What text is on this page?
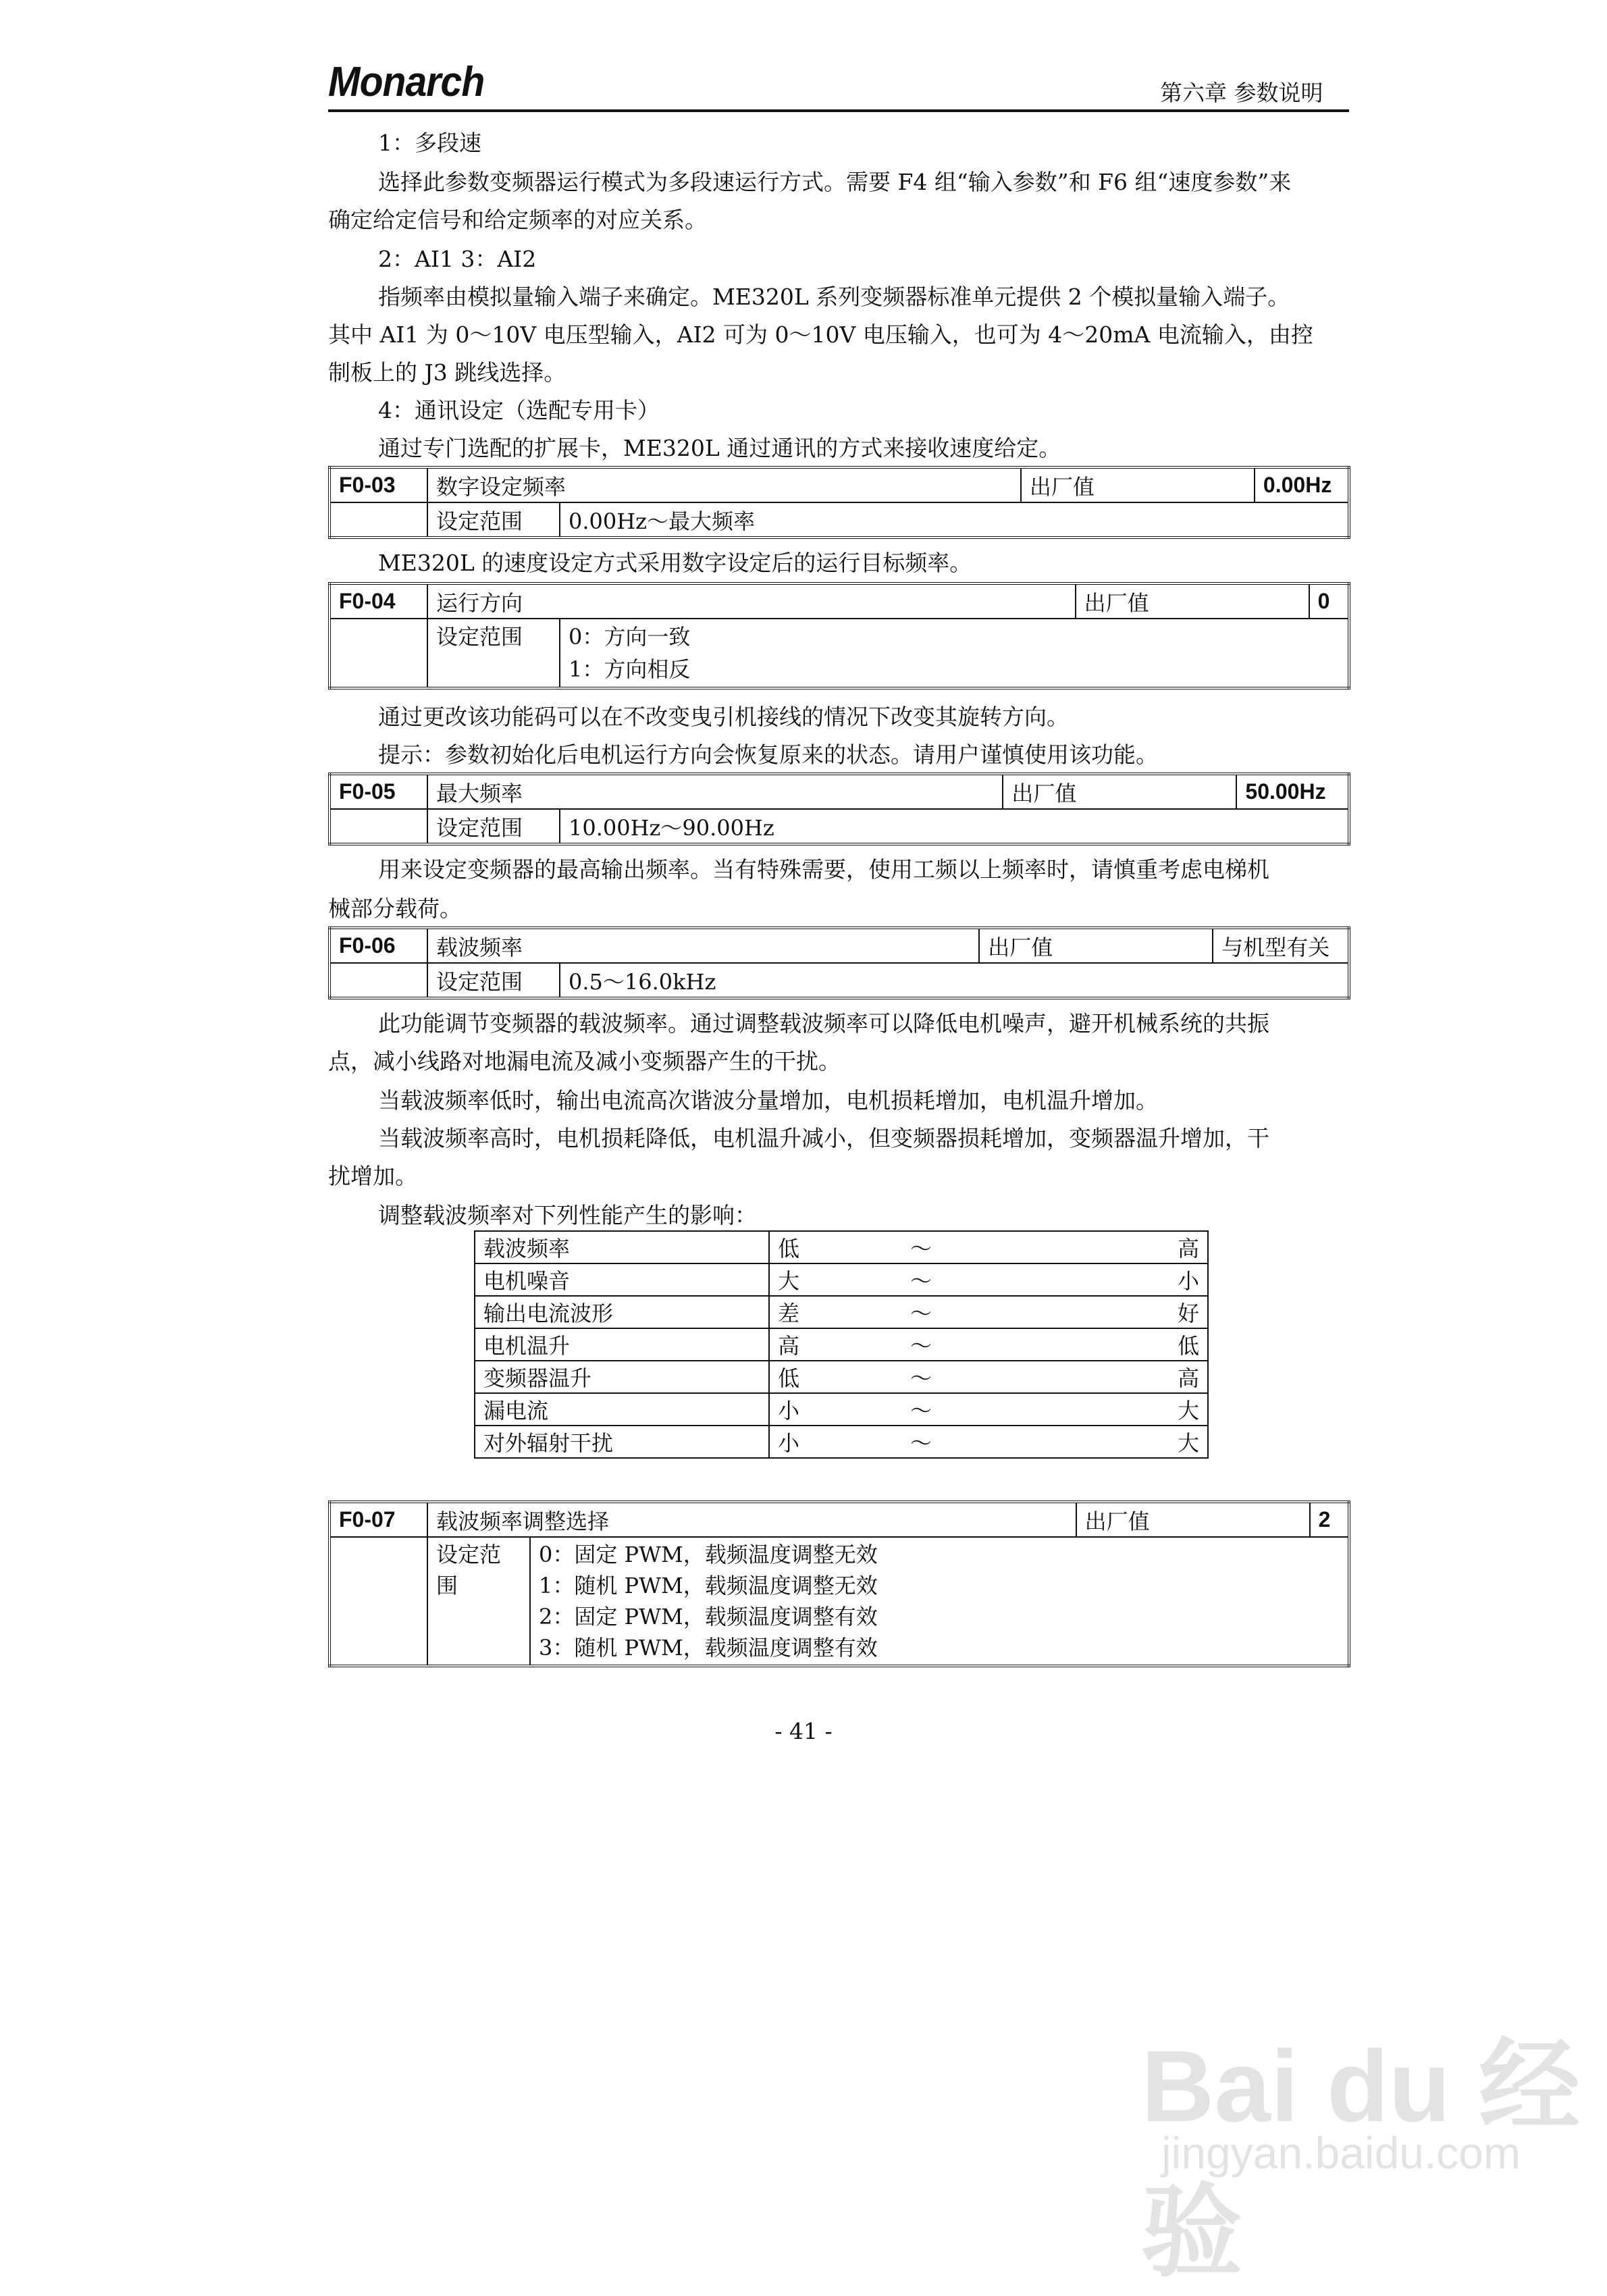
Monarch	第六章 参数说明
1：多段速
选择此参数变频器运行模式为多段速运行方式。需要 F4 组“输入参数”和 F6 组“速度参数”来
确定给定信号和给定频率的对应关系。
2：AI1 3：AI2
指频率由模拟量输入端子来确定。ME320L 系列变频器标准单元提供 2 个模拟量输入端子。
其中 AI1 为 0～10V 电压型输入，AI2 可为 0～10V 电压输入，也可为 4～20mA 电流输入，由控
制板上的 J3 跳线选择。
4：通讯设定（选配专用卡）
通过专门选配的扩展卡，ME320L 通过通讯的方式来接收速度给定。
F0-03	数字设定频率		出厂值	0.00Hz
	设定范围	0.00Hz～最大频率		
ME320L 的速度设定方式采用数字设定后的运行目标频率。
F0-04	运行方向		出厂值	0
	设定范围	0：方向一致
1：方向相反		
通过更改该功能码可以在不改变曳引机接线的情况下改变其旋转方向。
提示：参数初始化后电机运行方向会恢复原来的状态。请用户谨慎使用该功能。
F0-05	最大频率		出厂值	50.00Hz
	设定范围	10.00Hz～90.00Hz		
用来设定变频器的最高输出频率。当有特殊需要，使用工频以上频率时，请慎重考虑电梯机
械部分载荷。
F0-06	载波频率		出厂值	与机型有关
	设定范围	0.5～16.0kHz		
此功能调节变频器的载波频率。通过调整载波频率可以降低电机噪声，避开机械系统的共振
点，减小线路对地漏电流及减小变频器产生的干扰。
当载波频率低时，输出电流高次谐波分量增加，电机损耗增加，电机温升增加。
当载波频率高时，电机损耗降低，电机温升减小，但变频器损耗增加，变频器温升增加，干
扰增加。
调整载波频率对下列性能产生的影响：
载波频率	低	～	高
电机噪音	大	～	小
输出电流波形	差	～	好
电机温升	高	～	低
变频器温升	低	～	高
漏电流	小	～	大
对外辐射干扰	小	～	大
F0-07	载波频率调整选择		出厂值	2
	设定范围	0：固定 PWM，载频温度调整无效
1：随机 PWM，载频温度调整无效
2：固定 PWM，载频温度调整有效
3：随机 PWM，载频温度调整有效		
- 41 -
Bai du 经验
jingyan.baidu.com
